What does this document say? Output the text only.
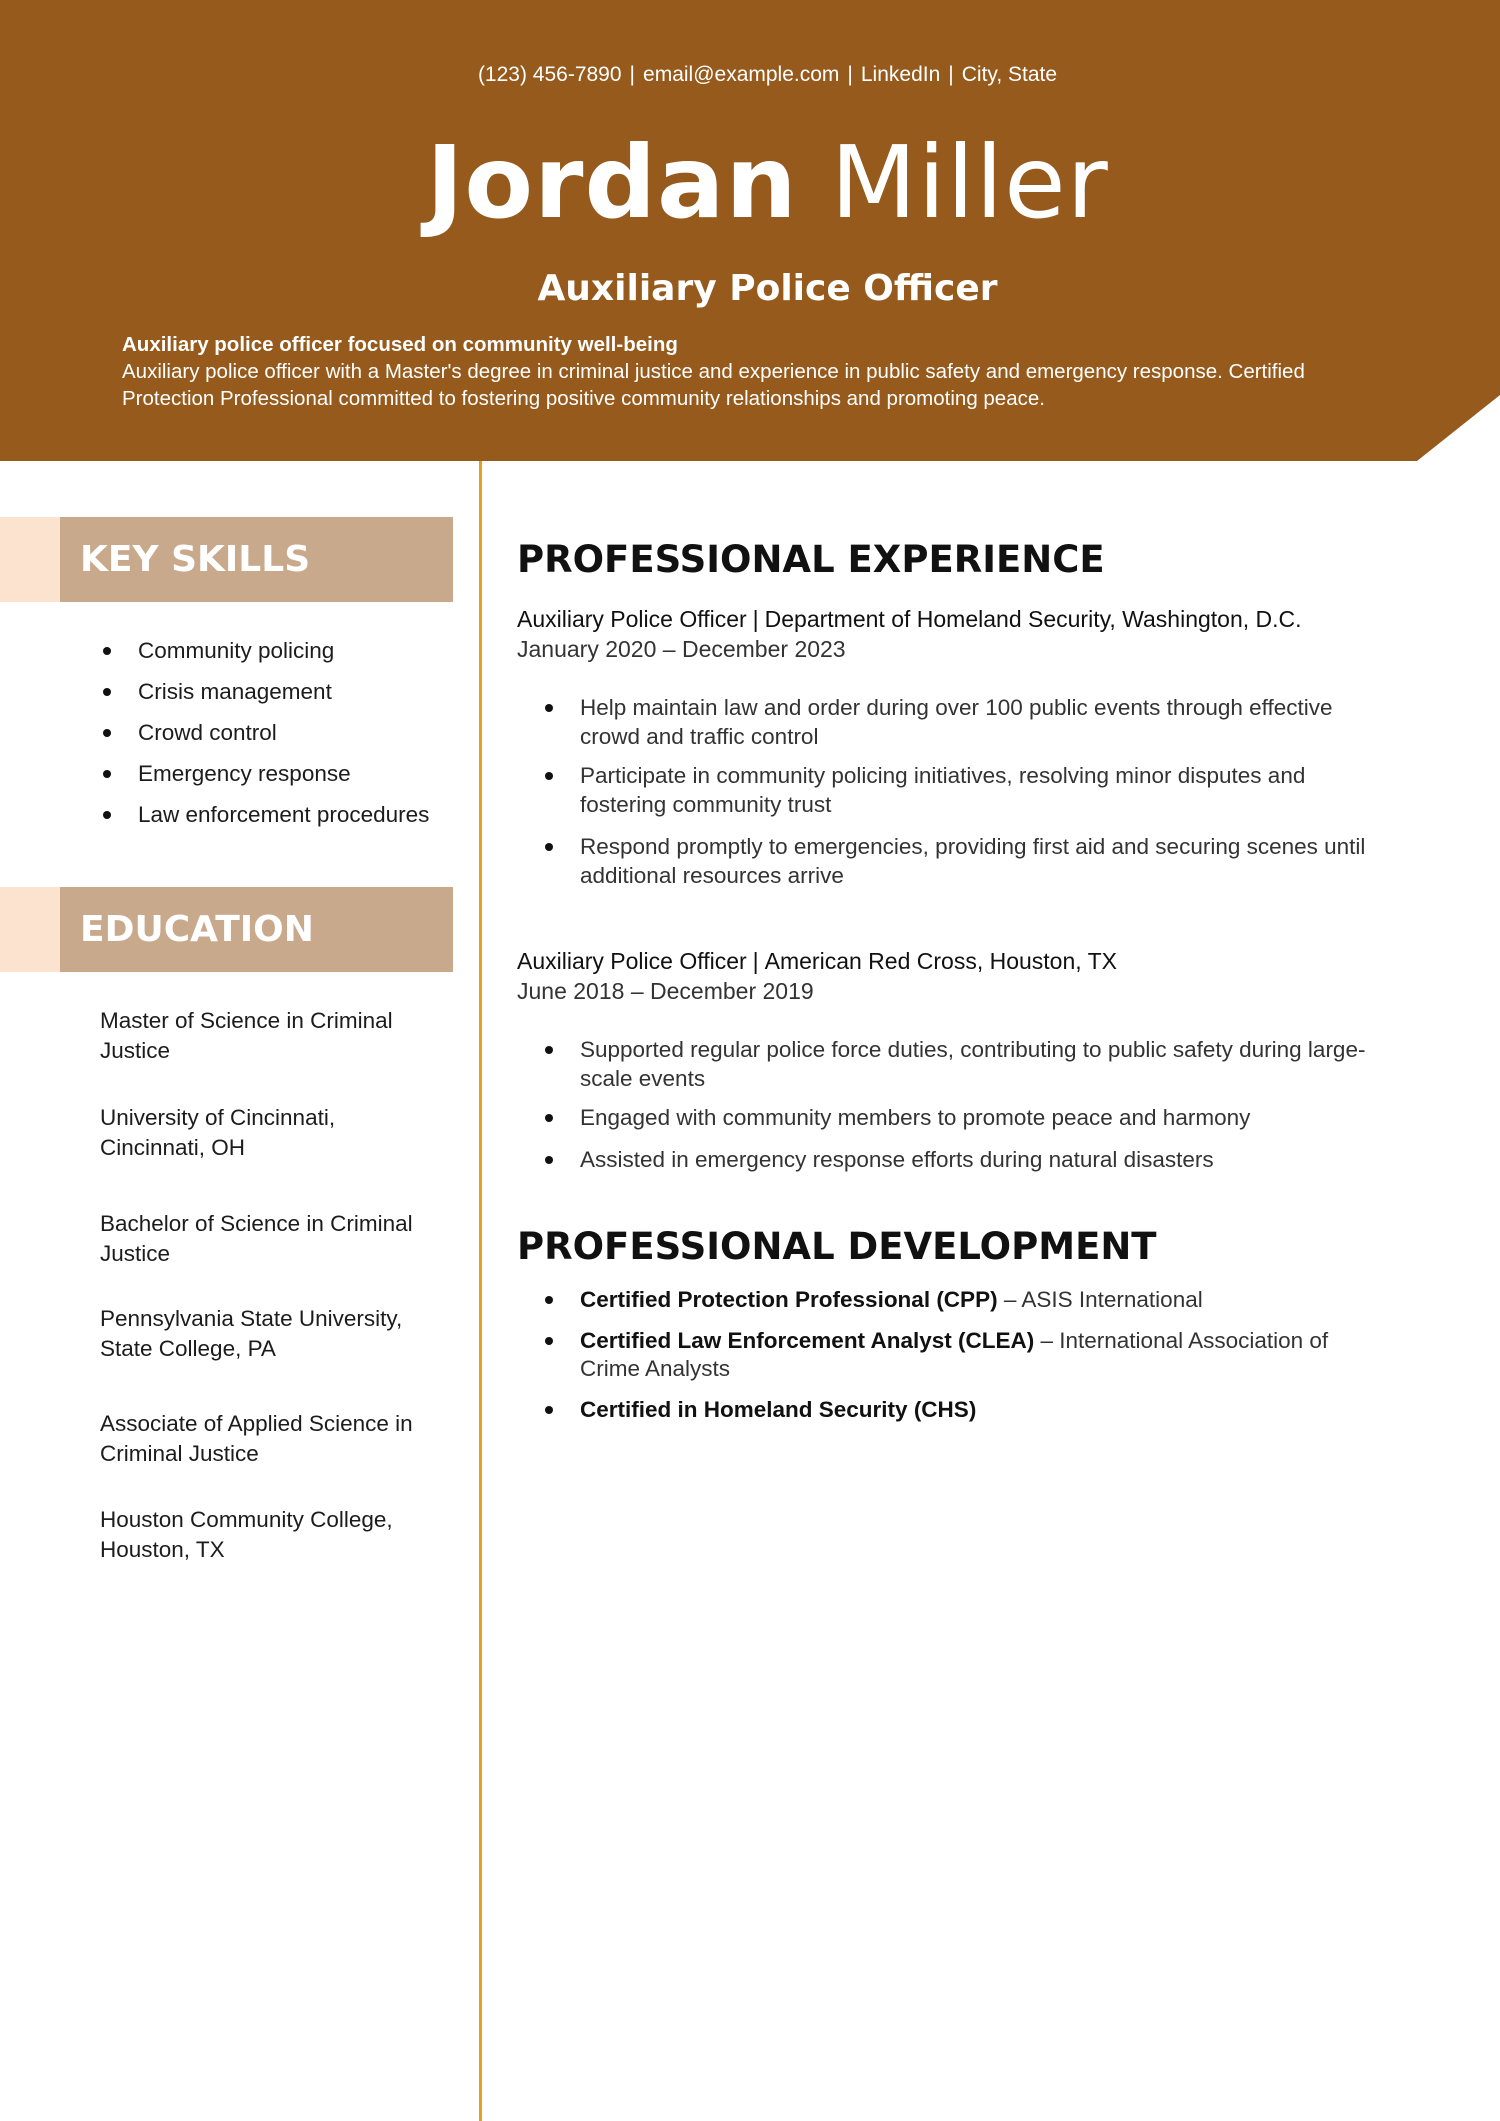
(123) 456-7890 | email@example.com | LinkedIn | City, State
Jordan Miller
Auxiliary Police Officer
Auxiliary police officer focused on community well-being
Auxiliary police officer with a Master's degree in criminal justice and experience in public safety and emergency response. Certified
Protection Professional committed to fostering positive community relationships and promoting peace.
KEY SKILLS
Community policing
Crisis management
Crowd control
Emergency response
Law enforcement procedures
EDUCATION
Master of Science in Criminal
Justice
University of Cincinnati,
Cincinnati, OH
Bachelor of Science in Criminal
Justice
Pennsylvania State University,
State College, PA
Associate of Applied Science in
Criminal Justice
Houston Community College,
Houston, TX
PROFESSIONAL EXPERIENCE
Auxiliary Police Officer | Department of Homeland Security, Washington, D.C.
January 2020 – December 2023
Help maintain law and order during over 100 public events through effective
crowd and traffic control
Participate in community policing initiatives, resolving minor disputes and
fostering community trust
Respond promptly to emergencies, providing first aid and securing scenes until
additional resources arrive
Auxiliary Police Officer | American Red Cross, Houston, TX
June 2018 – December 2019
Supported regular police force duties, contributing to public safety during large-
scale events
Engaged with community members to promote peace and harmony
Assisted in emergency response efforts during natural disasters
PROFESSIONAL DEVELOPMENT
Certified Protection Professional (CPP) – ASIS International
Certified Law Enforcement Analyst (CLEA) – International Association of
Crime Analysts
Certified in Homeland Security (CHS)
